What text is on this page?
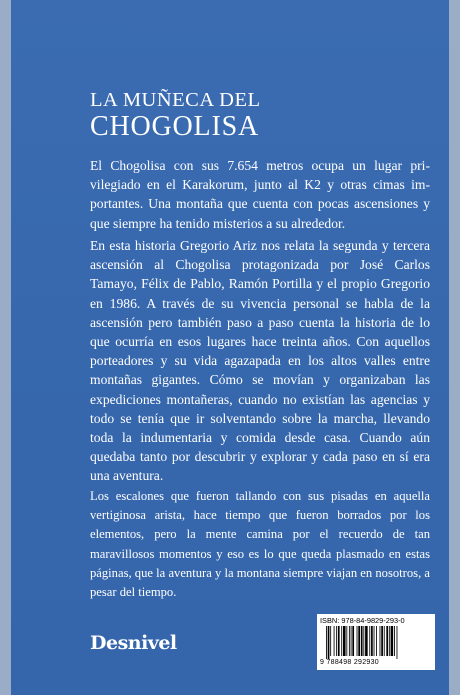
LA MUÑECA DEL
CHOGOLISA

El Chogolisa con sus 7.654 metros ocupa un lugar privilegiado en el Karakorum, junto al K2 y otras cimas importantes. Una montaña que cuenta con pocas ascensiones y que siempre ha tenido misterios a su alrededor.

En esta historia Gregorio Ariz nos relata la segunda y tercera ascensión al Chogolisa protagonizada por José Carlos Tamayo, Félix de Pablo, Ramón Portilla y el propio Gregorio en 1986. A través de su vivencia personal se habla de la ascensión pero también paso a paso cuenta la historia de lo que ocurría en esos lugares hace treinta años. Con aquellos porteadores y su vida agazapada en los altos valles entre montañas gigantes. Cómo se movían y organizaban las expediciones montañeras, cuando no existían las agencias y todo se tenía que ir solventando sobre la marcha, llevando toda la indumentaria y comida desde casa. Cuando aún quedaba tanto por descubrir y explorar y cada paso en sí era una aventura.

Los escalones que fueron tallando con sus pisadas en aquella vertiginosa arista, hace tiempo que fueron borrados por los elementos, pero la mente camina por el recuerdo de tan maravillosos momentos y eso es lo que queda plasmado en estas páginas, que la aventura y la montana siempre viajan en nosotros, a pesar del tiempo.

Desnivel
ISBN: 978-84-9829-293-0
9 788498 292930
